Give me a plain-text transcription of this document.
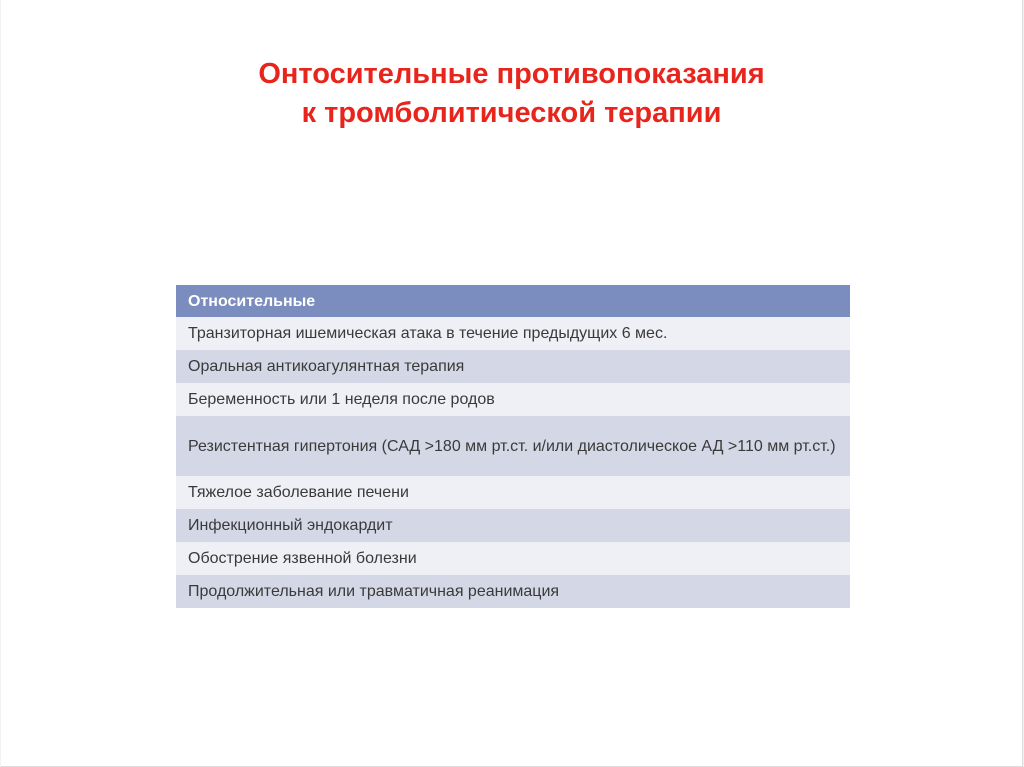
Онтосительные противопоказания
к тромболитической терапии
Относительные
Транзиторная ишемическая атака в течение предыдущих 6 мес.
Оральная антикоагулянтная терапия
Беременность или 1 неделя после родов
Резистентная гипертония (САД >180 мм рт.ст. и/или диастолическое АД >110 мм рт.ст.)
Тяжелое заболевание печени
Инфекционный эндокардит
Обострение язвенной болезни
Продолжительная или травматичная реанимация
